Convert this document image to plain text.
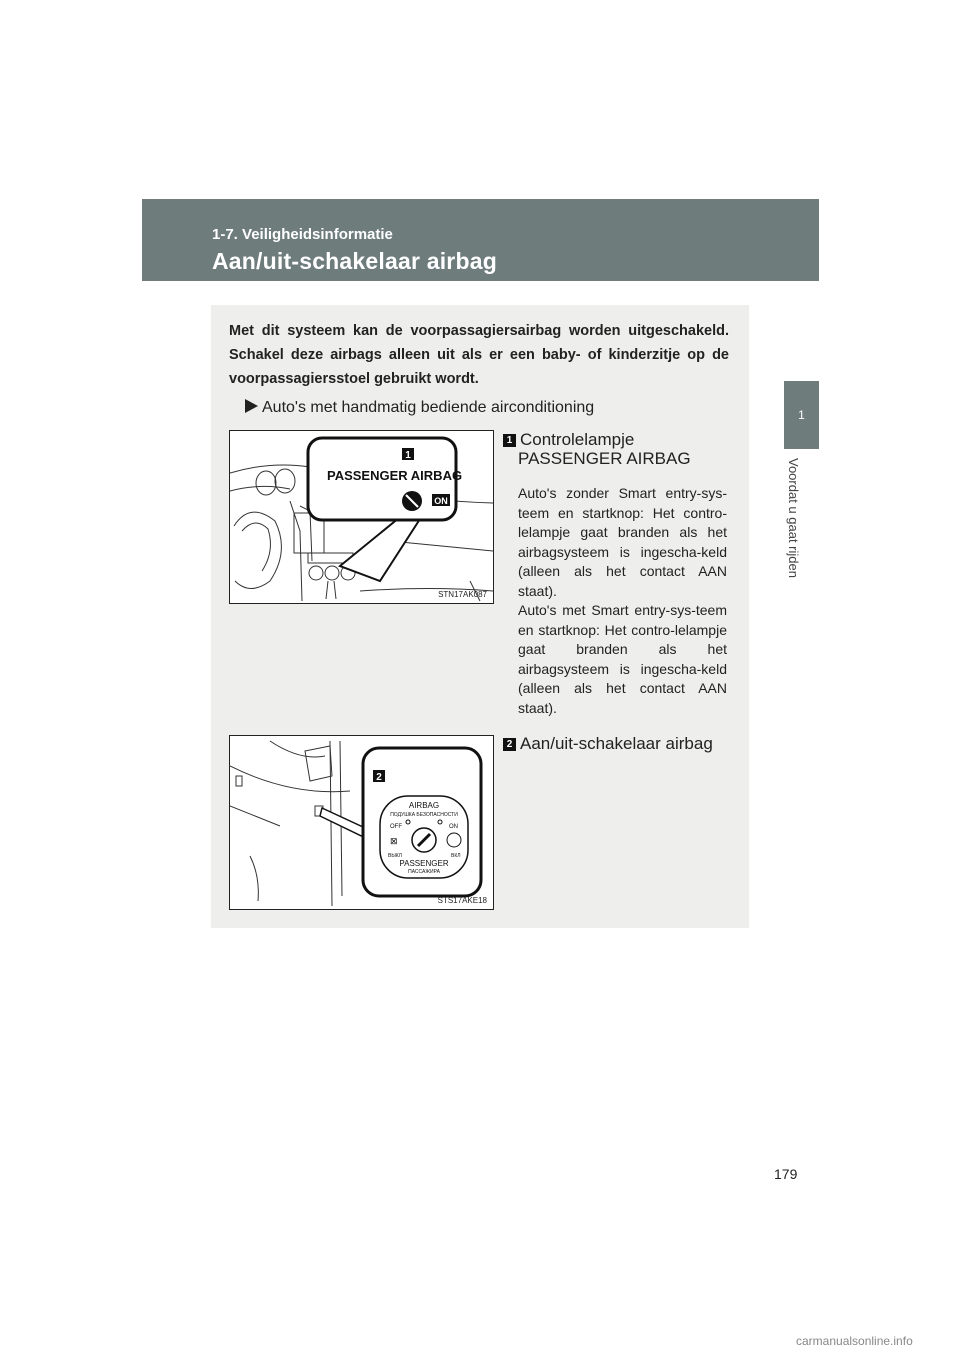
1-7. Veiligheidsinformatie
Aan/uit-schakelaar airbag
1
Voordat u gaat rijden
Met dit systeem kan de voorpassagiersairbag worden uitgeschakeld. Schakel deze airbags alleen uit als er een baby- of kinderzitje op de voorpassagiersstoel gebruikt wordt.
Auto's met handmatig bediende airconditioning
1
PASSENGER AIRBAG
ON
STN17AK087
1 Controlelampje
PASSENGER AIRBAG
Auto's zonder Smart entry-sys-teem en startknop: Het contro-lelampje gaat branden als het airbagsysteem is ingescha-keld (alleen als het contact AAN staat).
Auto's met Smart entry-sys-teem en startknop: Het contro-lelampje gaat branden als het airbagsysteem is ingescha-keld (alleen als het contact AAN staat).
2
AIRBAG
ПОДУШКА БЕЗОПАСНОСТИ
OFF	ON
⊠
ВЫКЛ	ВКЛ
PASSENGER
ПАССАЖИРА
STS17AKE18
2 Aan/uit-schakelaar airbag
179
carmanualsonline.info
